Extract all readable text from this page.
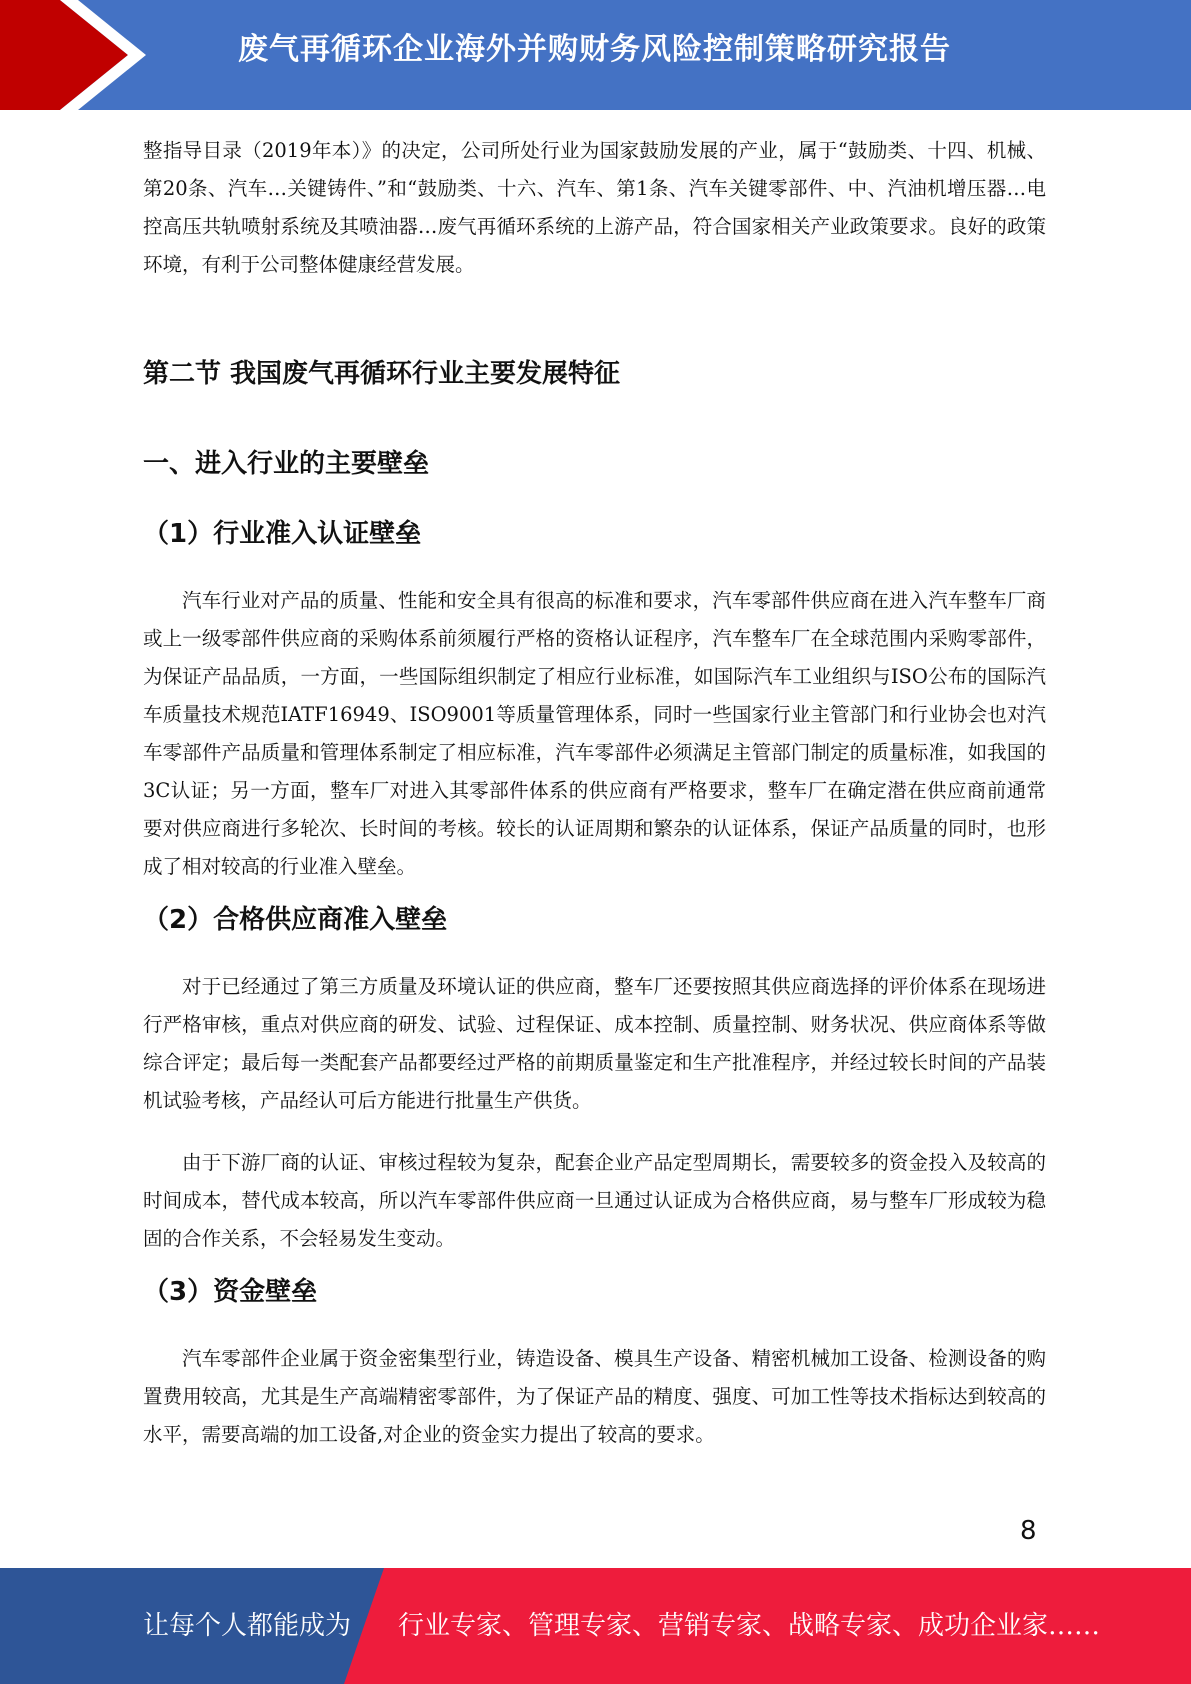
废气再循环企业海外并购财务风险控制策略研究报告

整指导目录（2019年本）》的决定，公司所处行业为国家鼓励发展的产业，属于“鼓励类、十四、机械、第20条、汽车…关键铸件、”和“鼓励类、十六、汽车、第1条、汽车关键零部件、中、汽油机增压器…电控高压共轨喷射系统及其喷油器…废气再循环系统的上游产品，符合国家相关产业政策要求。良好的政策环境，有利于公司整体健康经营发展。

第二节 我国废气再循环行业主要发展特征
一、进入行业的主要壁垒
（1）行业准入认证壁垒

汽车行业对产品的质量、性能和安全具有很高的标准和要求，汽车零部件供应商在进入汽车整车厂商或上一级零部件供应商的采购体系前须履行严格的资格认证程序，汽车整车厂在全球范围内采购零部件，为保证产品品质，一方面，一些国际组织制定了相应行业标准，如国际汽车工业组织与ISO公布的国际汽车质量技术规范IATF16949、ISO9001等质量管理体系，同时一些国家行业主管部门和行业协会也对汽车零部件产品质量和管理体系制定了相应标准，汽车零部件必须满足主管部门制定的质量标准，如我国的3C认证；另一方面，整车厂对进入其零部件体系的供应商有严格要求，整车厂在确定潜在供应商前通常要对供应商进行多轮次、长时间的考核。较长的认证周期和繁杂的认证体系，保证产品质量的同时，也形成了相对较高的行业准入壁垒。

（2）合格供应商准入壁垒

对于已经通过了第三方质量及环境认证的供应商，整车厂还要按照其供应商选择的评价体系在现场进行严格审核，重点对供应商的研发、试验、过程保证、成本控制、质量控制、财务状况、供应商体系等做综合评定；最后每一类配套产品都要经过严格的前期质量鉴定和生产批准程序，并经过较长时间的产品装机试验考核，产品经认可后方能进行批量生产供货。

由于下游厂商的认证、审核过程较为复杂，配套企业产品定型周期长，需要较多的资金投入及较高的时间成本，替代成本较高，所以汽车零部件供应商一旦通过认证成为合格供应商，易与整车厂形成较为稳固的合作关系，不会轻易发生变动。

（3）资金壁垒

汽车零部件企业属于资金密集型行业，铸造设备、模具生产设备、精密机械加工设备、检测设备的购置费用较高，尤其是生产高端精密零部件，为了保证产品的精度、强度、可加工性等技术指标达到较高的水平，需要高端的加工设备,对企业的资金实力提出了较高的要求。

8
让每个人都能成为 行业专家、管理专家、营销专家、战略专家、成功企业家……
